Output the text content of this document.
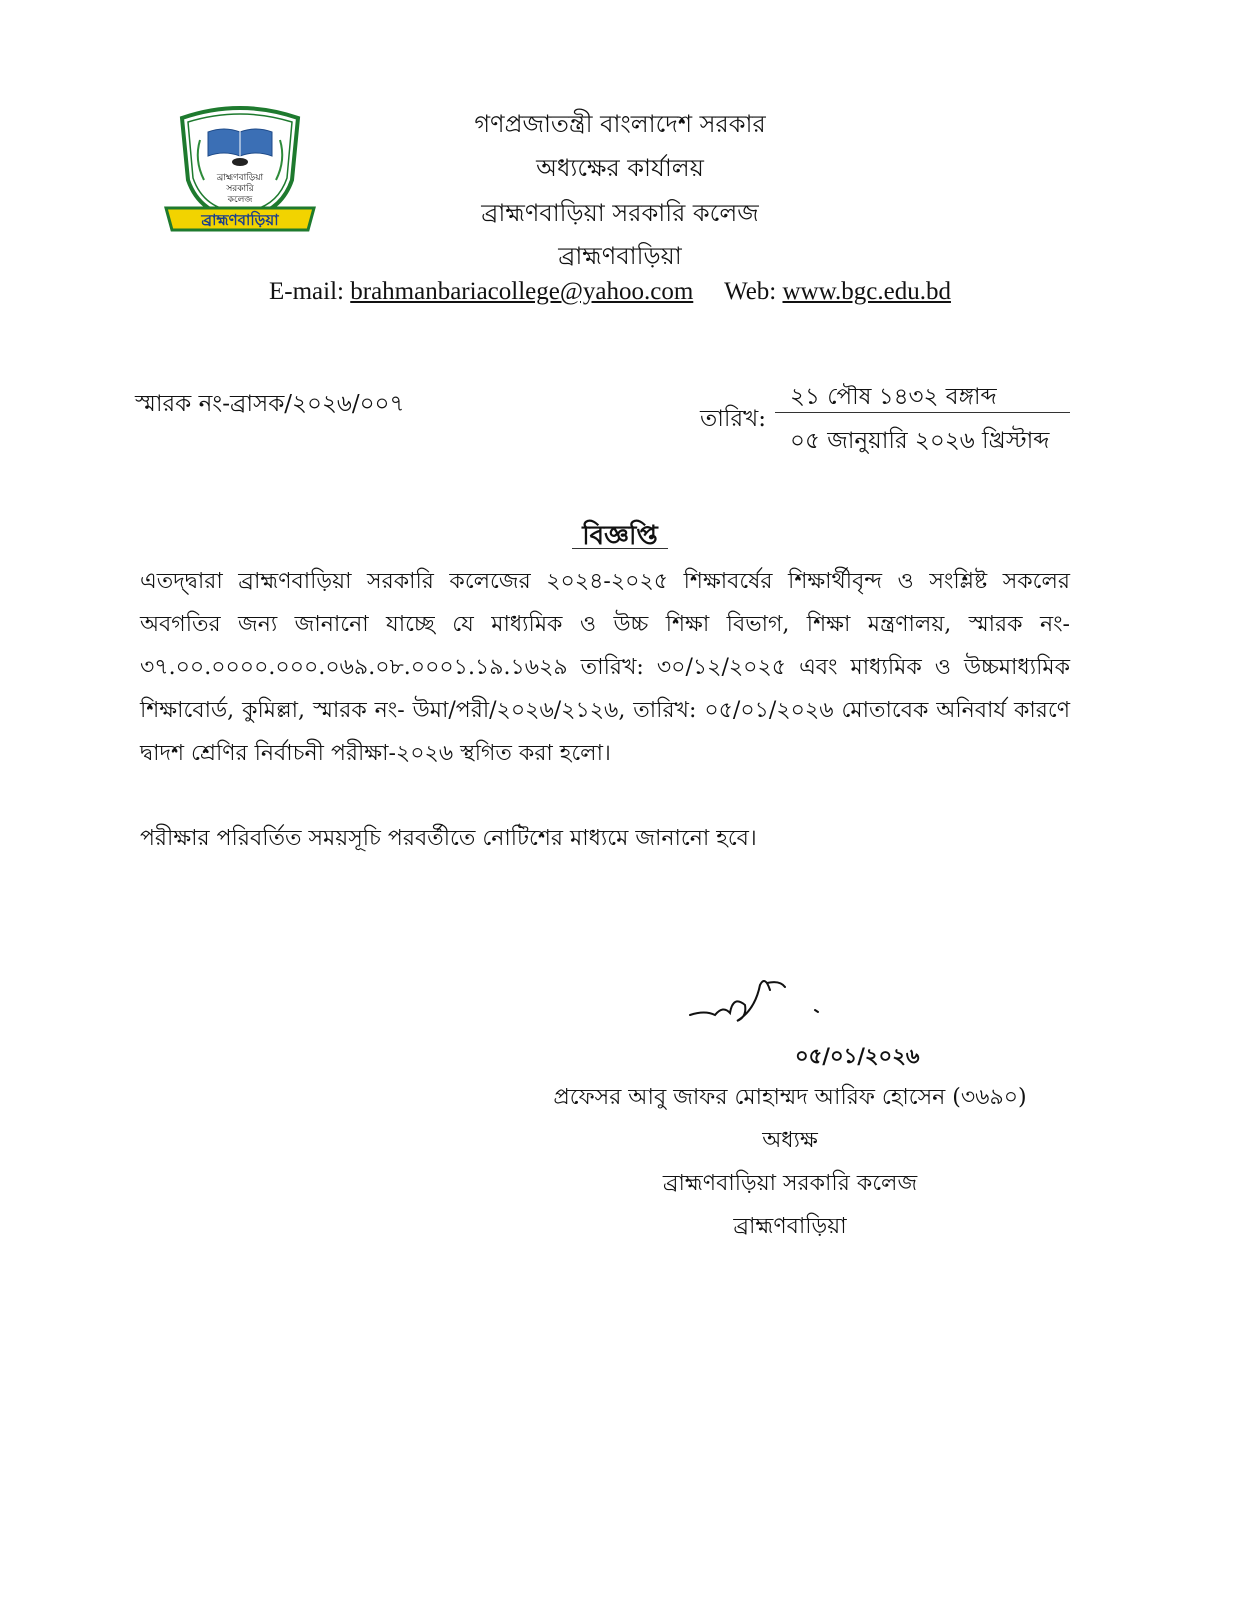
ব্রাহ্মণবাড়িয়া
সরকারি
কলেজ
ব্রাহ্মণবাড়িয়া
গণপ্রজাতন্ত্রী বাংলাদেশ সরকার
অধ্যক্ষের কার্যালয়
ব্রাহ্মণবাড়িয়া সরকারি কলেজ
ব্রাহ্মণবাড়িয়া
E-mail: brahmanbariacollege@yahoo.com Web: www.bgc.edu.bd
স্মারক নং-ব্রাসক/২০২৬/০০৭
তারিখ:
২১ পৌষ ১৪৩২ বঙ্গাব্দ
০৫ জানুয়ারি ২০২৬ খ্রিস্টাব্দ
বিজ্ঞপ্তি

এতদ্দ্বারা ব্রাহ্মণবাড়িয়া সরকারি কলেজের ২০২৪-২০২৫ শিক্ষাবর্ষের শিক্ষার্থীবৃন্দ ও সংশ্লিষ্ট সকলের অবগতির জন্য জানানো যাচ্ছে যে মাধ্যমিক ও উচ্চ শিক্ষা বিভাগ, শিক্ষা মন্ত্রণালয়, স্মারক নং- ৩৭.০০.০০০০.০০০.০৬৯.০৮.০০০১.১৯.১৬২৯ তারিখ: ৩০/১২/২০২৫ এবং মাধ্যমিক ও উচ্চমাধ্যমিক শিক্ষাবোর্ড, কুমিল্লা, স্মারক নং- উমা/পরী/২০২৬/২১২৬, তারিখ: ০৫/০১/২০২৬ মোতাবেক অনিবার্য কারণে দ্বাদশ শ্রেণির নির্বাচনী পরীক্ষা-২০২৬ স্থগিত করা হলো।

পরীক্ষার পরিবর্তিত সময়সূচি পরবর্তীতে নোটিশের মাধ্যমে জানানো হবে।

০৫/০১/২০২৬
প্রফেসর আবু জাফর মোহাম্মদ আরিফ হোসেন (৩৬৯০)
অধ্যক্ষ
ব্রাহ্মণবাড়িয়া সরকারি কলেজ
ব্রাহ্মণবাড়িয়া
